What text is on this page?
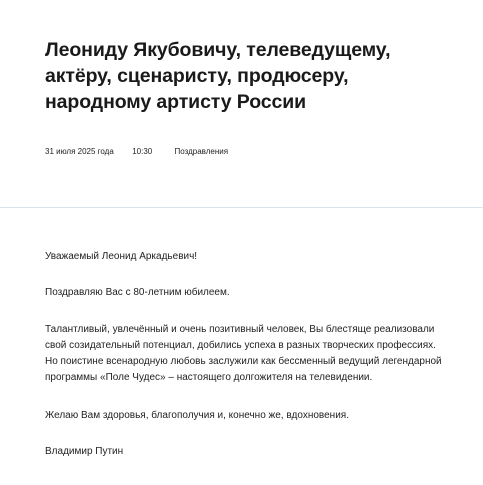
Леониду Якубовичу, телеведущему,
актёру, сценаристу, продюсеру,
народному артисту России
31 июля 2025 года 10:30	Поздравления

Уважаемый Леонид Аркадьевич!

Поздравляю Вас с 80-летним юбилеем.

Талантливый, увлечённый и очень позитивный человек, Вы блестяще реализовали
свой созидательный потенциал, добились успеха в разных творческих профессиях.
Но поистине всенародную любовь заслужили как бессменный ведущий легендарной
программы «Поле Чудес» – настоящего долгожителя на телевидении.

Желаю Вам здоровья, благополучия и, конечно же, вдохновения.

Владимир Путин
